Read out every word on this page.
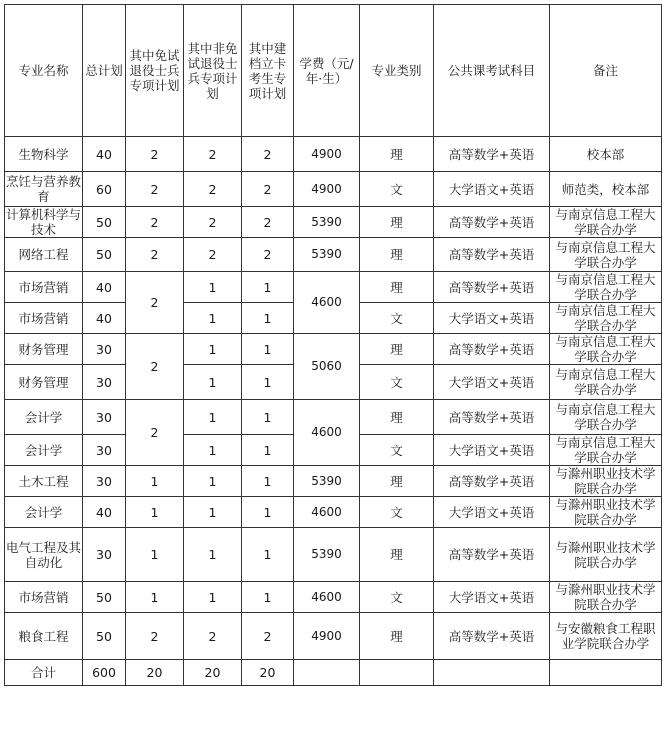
专业名称	总计划	其中免试退役士兵专项计划	其中非免试退役士兵专项计划	其中建档立卡考生专项计划	学费（元/年·生）	专业类别	公共课考试科目	备注
生物科学	40	2	2	2	4900	理	高等数学+英语	校本部
烹饪与营养教育	60	2	2	2	4900	文	大学语文+英语	师范类，校本部
计算机科学与技术	50	2	2	2	5390	理	高等数学+英语	与南京信息工程大学联合办学
网络工程	50	2	2	2	5390	理	高等数学+英语	与南京信息工程大学联合办学
市场营销	40	2	1	1	4600	理	高等数学+英语	与南京信息工程大学联合办学
市场营销	40		1	1		文	大学语文+英语	与南京信息工程大学联合办学
财务管理	30	2	1	1	5060	理	高等数学+英语	与南京信息工程大学联合办学
财务管理	30		1	1		文	大学语文+英语	与南京信息工程大学联合办学
会计学	30	2	1	1	4600	理	高等数学+英语	与南京信息工程大学联合办学
会计学	30		1	1		文	大学语文+英语	与南京信息工程大学联合办学
土木工程	30	1	1	1	5390	理	高等数学+英语	与滁州职业技术学院联合办学
会计学	40	1	1	1	4600	文	大学语文+英语	与滁州职业技术学院联合办学
电气工程及其自动化	30	1	1	1	5390	理	高等数学+英语	与滁州职业技术学院联合办学
市场营销	50	1	1	1	4600	文	大学语文+英语	与滁州职业技术学院联合办学
粮食工程	50	2	2	2	4900	理	高等数学+英语	与安徽粮食工程职业学院联合办学
合计	600	20	20	20				
